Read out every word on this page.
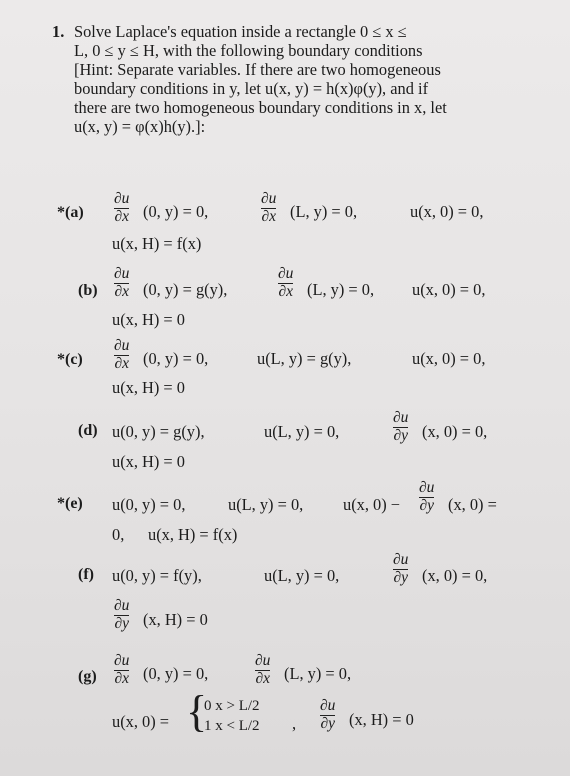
1. Solve Laplace's equation inside a rectangle 0 ≤ x ≤
L, 0 ≤ y ≤ H, with the following boundary conditions
[Hint: Separate variables. If there are two homogeneous
boundary conditions in y, let u(x, y) = h(x)φ(y), and if
there are two homogeneous boundary conditions in x, let
u(x, y) = φ(x)h(y).]:
*(a)
∂u
∂x (0, y) = 0,
∂u
∂x (L, y) = 0,	u(x, 0) = 0,
u(x, H) = f(x)
(b)
∂u
∂x (0, y) = g(y),
∂u
∂x (L, y) = 0, u(x, 0) = 0,
u(x, H) = 0
*(c)
∂u
∂x (0, y) = 0,	u(L, y) = g(y),	u(x, 0) = 0,
u(x, H) = 0
(d) u(0, y) = g(y),	u(L, y) = 0,
∂u
∂y (x, 0) = 0,
u(x, H) = 0
*(e) u(0, y) = 0,	u(L, y) = 0, u(x, 0) −
∂u
∂y (x, 0) =
0, u(x, H) = f(x)
(f) u(0, y) = f(y),	u(L, y) = 0,
∂u
∂y (x, 0) = 0,
∂u
∂y (x, H) = 0
(g)
∂u
∂x (0, y) = 0,
∂u
∂x (L, y) = 0,
u(x, 0) = {
0 x > L/2
1 x < L/2 ,
∂u
∂y (x, H) = 0
